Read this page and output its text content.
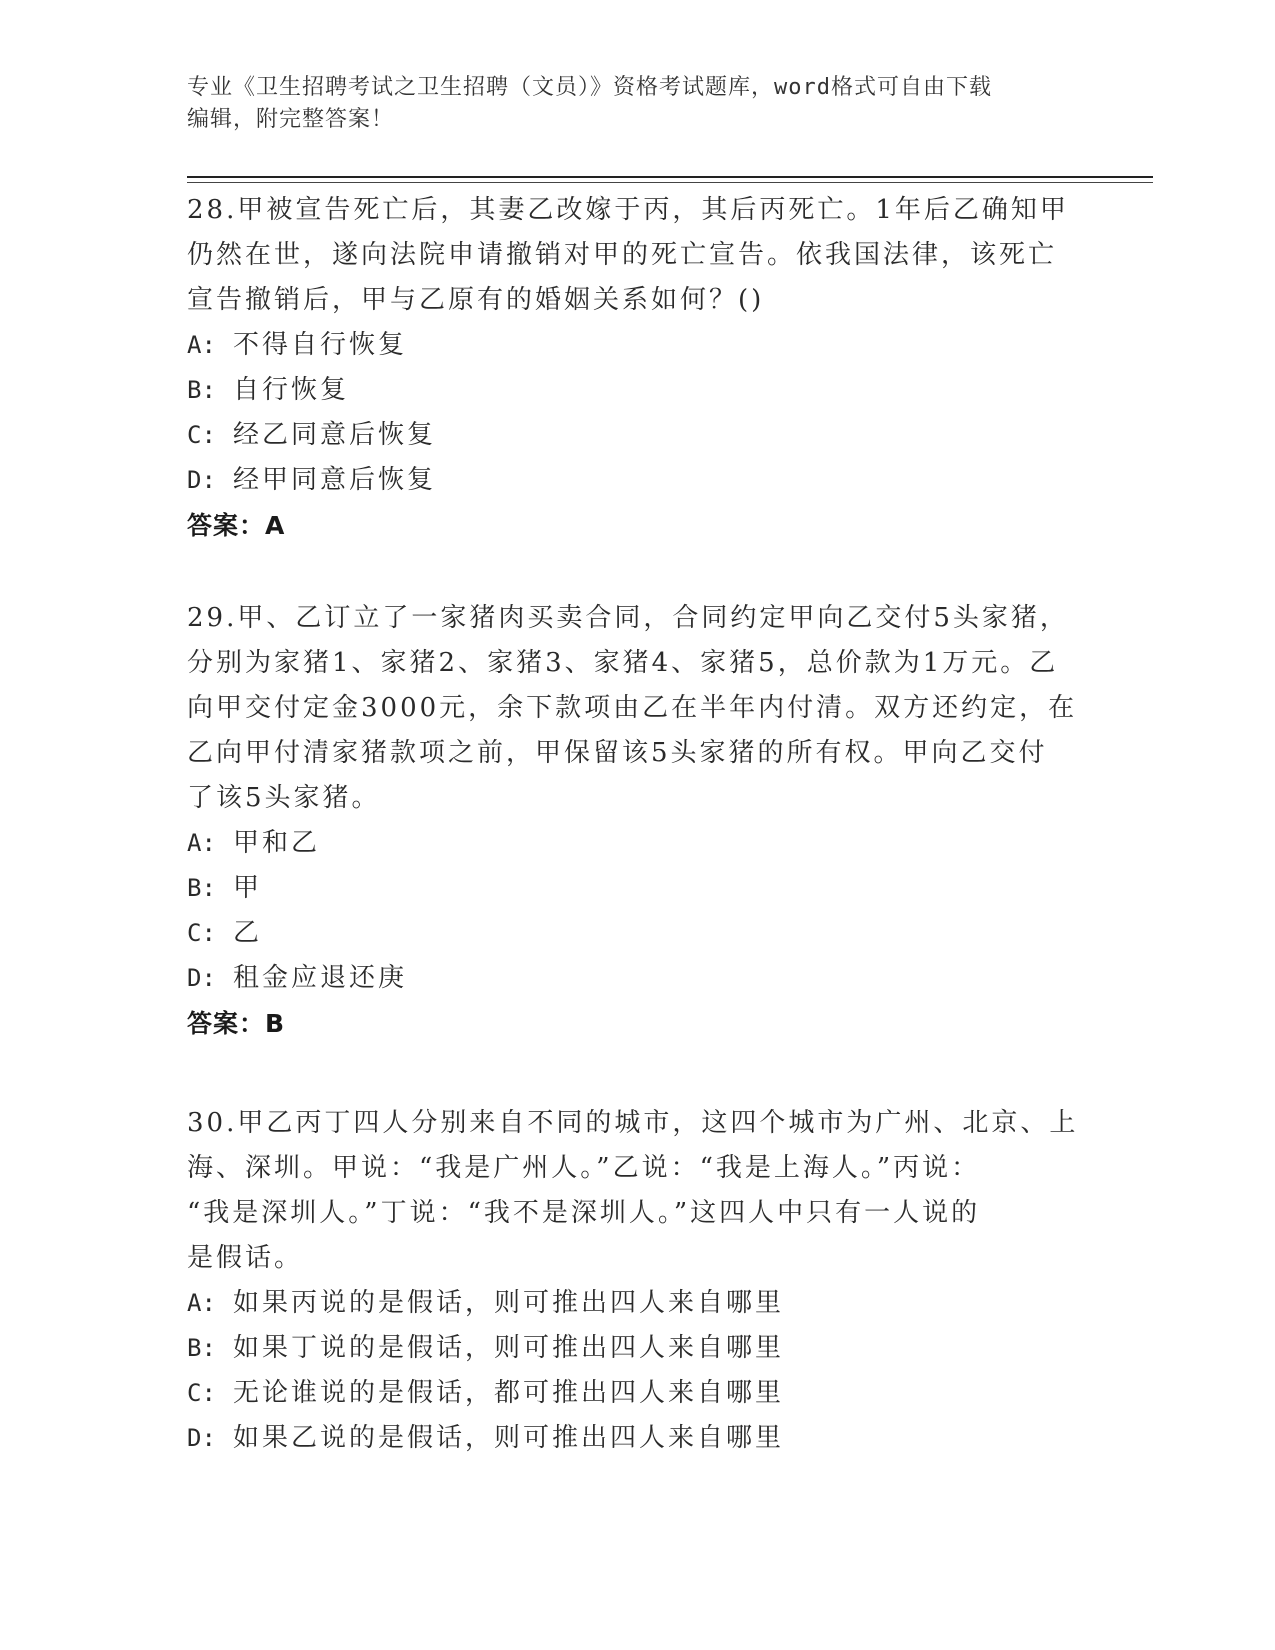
专业《卫生招聘考试之卫生招聘（文员）》资格考试题库，word格式可自由下载
编辑，附完整答案！

28.甲被宣告死亡后，其妻乙改嫁于丙，其后丙死亡。1年后乙确知甲

仍然在世，遂向法院申请撤销对甲的死亡宣告。依我国法律，该死亡

宣告撤销后，甲与乙原有的婚姻关系如何？()

A: 不得自行恢复

B: 自行恢复

C: 经乙同意后恢复

D: 经甲同意后恢复

答案：A

29.甲、乙订立了一家猪肉买卖合同，合同约定甲向乙交付5头家猪，

分别为家猪1、家猪2、家猪3、家猪4、家猪5，总价款为1万元。乙

向甲交付定金3000元，余下款项由乙在半年内付清。双方还约定，在

乙向甲付清家猪款项之前，甲保留该5头家猪的所有权。甲向乙交付

了该5头家猪。

A: 甲和乙

B: 甲

C: 乙

D: 租金应退还庚

答案：B

30.甲乙丙丁四人分别来自不同的城市，这四个城市为广州、北京、上

海、深圳。甲说：“我是广州人。”乙说：“我是上海人。”丙说：

“我是深圳人。”丁说：“我不是深圳人。”这四人中只有一人说的

是假话。

A: 如果丙说的是假话，则可推出四人来自哪里

B: 如果丁说的是假话，则可推出四人来自哪里

C: 无论谁说的是假话，都可推出四人来自哪里

D: 如果乙说的是假话，则可推出四人来自哪里
